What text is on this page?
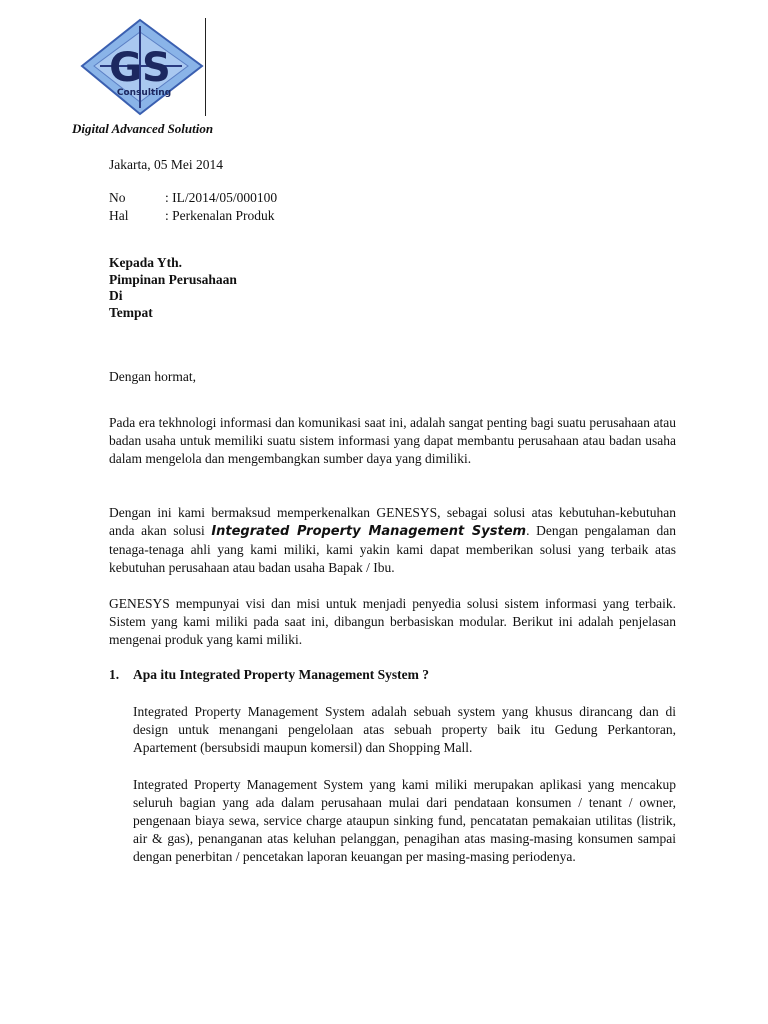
GS
Consulting
Digital Advanced Solution

Jakarta, 05 Mei 2014

No	: IL/2014/05/000100
Hal	: Perkenalan Produk
Kepada Yth.
Pimpinan Perusahaan
Di
Tempat

Dengan hormat,

Pada era tekhnologi informasi dan komunikasi saat ini, adalah sangat penting bagi suatu perusahaan atau badan usaha untuk memiliki suatu sistem informasi yang dapat membantu perusahaan atau badan usaha dalam mengelola dan mengembangkan sumber daya yang dimiliki.

Dengan ini kami bermaksud memperkenalkan GENESYS, sebagai solusi atas kebutuhan-kebutuhan anda akan solusi Integrated Property Management System. Dengan pengalaman dan tenaga-tenaga ahli yang kami miliki, kami yakin kami dapat memberikan solusi yang terbaik atas kebutuhan perusahaan atau badan usaha Bapak / Ibu.

GENESYS mempunyai visi dan misi untuk menjadi penyedia solusi sistem informasi yang terbaik. Sistem yang kami miliki pada saat ini, dibangun berbasiskan modular. Berikut ini adalah penjelasan mengenai produk yang kami miliki.

1. Apa itu Integrated Property Management System ?

Integrated Property Management System adalah sebuah system yang khusus dirancang dan di design untuk menangani pengelolaan atas sebuah property baik itu Gedung Perkantoran, Apartement (bersubsidi maupun komersil) dan Shopping Mall.

Integrated Property Management System yang kami miliki merupakan aplikasi yang mencakup seluruh bagian yang ada dalam perusahaan mulai dari pendataan konsumen / tenant / owner, pengenaan biaya sewa, service charge ataupun sinking fund, pencatatan pemakaian utilitas (listrik, air & gas), penanganan atas keluhan pelanggan, penagihan atas masing-masing konsumen sampai dengan penerbitan / pencetakan laporan keuangan per masing-masing periodenya.
